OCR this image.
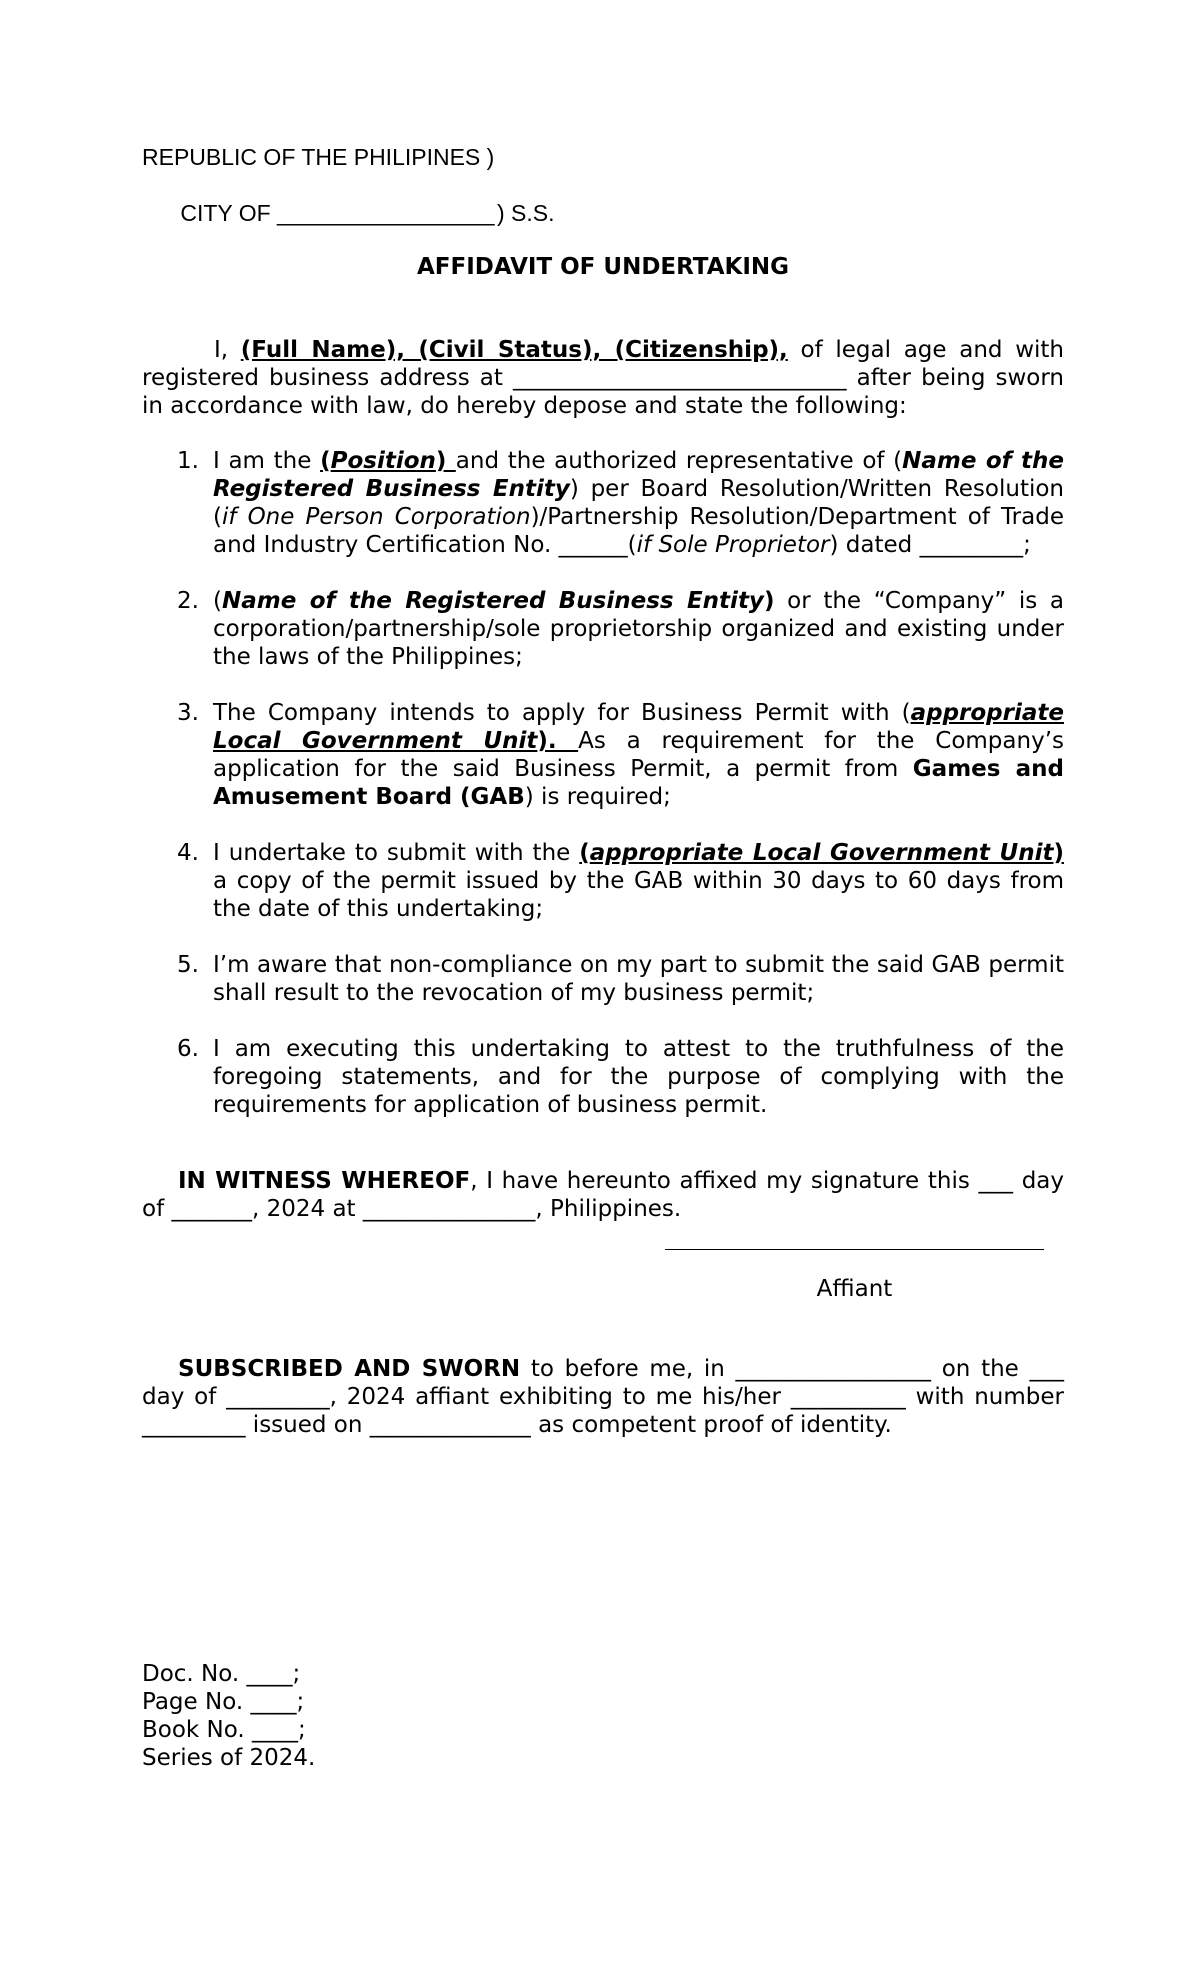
REPUBLIC OF THE PHILIPINES )

CITY OF _________________ ) S.S.

AFFIDAVIT OF UNDERTAKING
I, (Full Name), (Civil Status), (Citizenship), of legal age and with registered business address at _____________________________ after being sworn in accordance with law, do hereby depose and state the following:
1. I am the (Position) and the authorized representative of (Name of the Registered Business Entity) per Board Resolution/Written Resolution (if One Person Corporation)/Partnership Resolution/Department of Trade and Industry Certification No. ______(if Sole Proprietor) dated _________;
2. (Name of the Registered Business Entity) or the “Company” is a corporation/partnership/sole proprietorship organized and existing under the laws of the Philippines;
3. The Company intends to apply for Business Permit with (appropriate Local Government Unit). As a requirement for the Company’s application for the said Business Permit, a permit from Games and Amusement Board (GAB) is required;
4. I undertake to submit with the (appropriate Local Government Unit) a copy of the permit issued by the GAB within 30 days to 60 days from the date of this undertaking;
5. I’m aware that non-compliance on my part to submit the said GAB permit shall result to the revocation of my business permit;
6. I am executing this undertaking to attest to the truthfulness of the foregoing statements, and for the purpose of complying with the requirements for application of business permit.
IN WITNESS WHEREOF, I have hereunto affixed my signature this ___ day of _______, 2024 at _______________, Philippines.
Affiant
SUBSCRIBED AND SWORN to before me, in _________________ on the ___ day of _________, 2024 affiant exhibiting to me his/her __________ with number _________ issued on ______________ as competent proof of identity.
Doc. No. ____;
Page No. ____;
Book No. ____;
Series of 2024.
